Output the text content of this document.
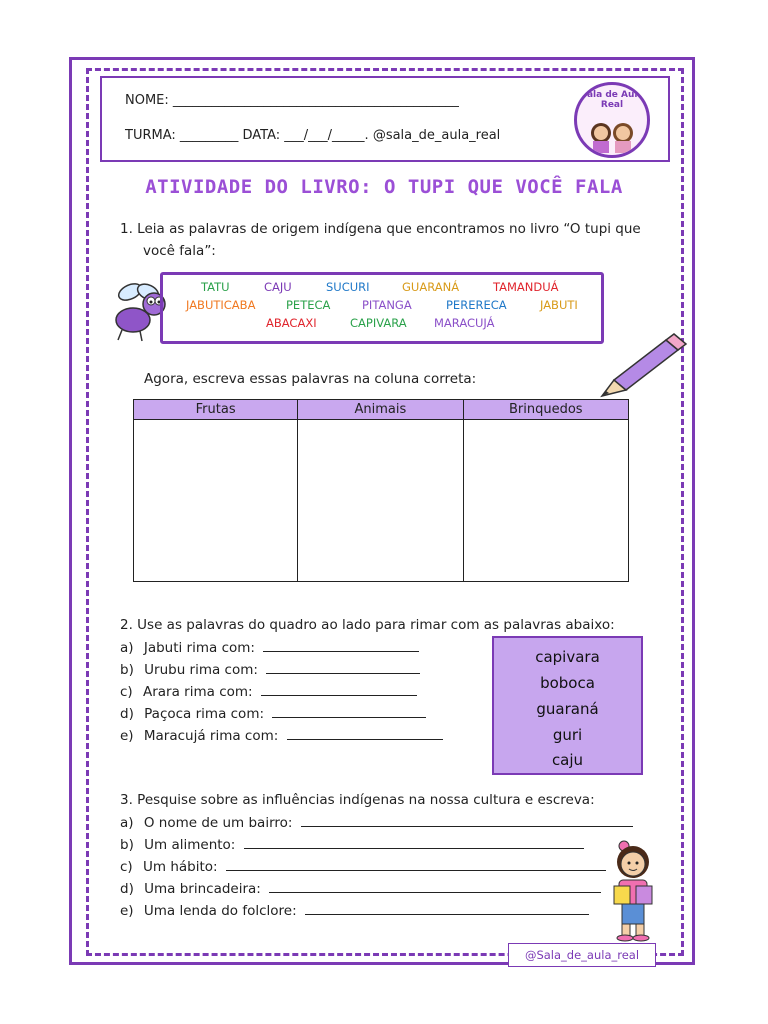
NOME: ____________________________________________
TURMA: _________ DATA: ___/___/_____. @sala_de_aula_real
Sala de Aula Real
ATIVIDADE DO LIVRO: O TUPI QUE VOCÊ FALA
1. Leia as palavras de origem indígena que encontramos no livro “O tupi que
você fala”:
TATU	CAJU	SUCURI	GUARANÁ	TAMANDUÁ
JABUTICABA	PETECA	PITANGA	PERERECA	JABUTI
ABACAXI	CAPIVARA MARACUJÁ
Agora, escreva essas palavras na coluna correta:
Frutas	Animais	Brinquedos

2. Use as palavras do quadro ao lado para rimar com as palavras abaixo:
a) Jabuti rima com:
b) Urubu rima com:
c) Arara rima com:
d) Paçoca rima com:
e) Maracujá rima com:
capivara
boboca
guaraná
guri
caju
3. Pesquise sobre as influências indígenas na nossa cultura e escreva:
a) O nome de um bairro:
b) Um alimento:
c) Um hábito:
d) Uma brincadeira:
e) Uma lenda do folclore:
@Sala_de_aula_real
